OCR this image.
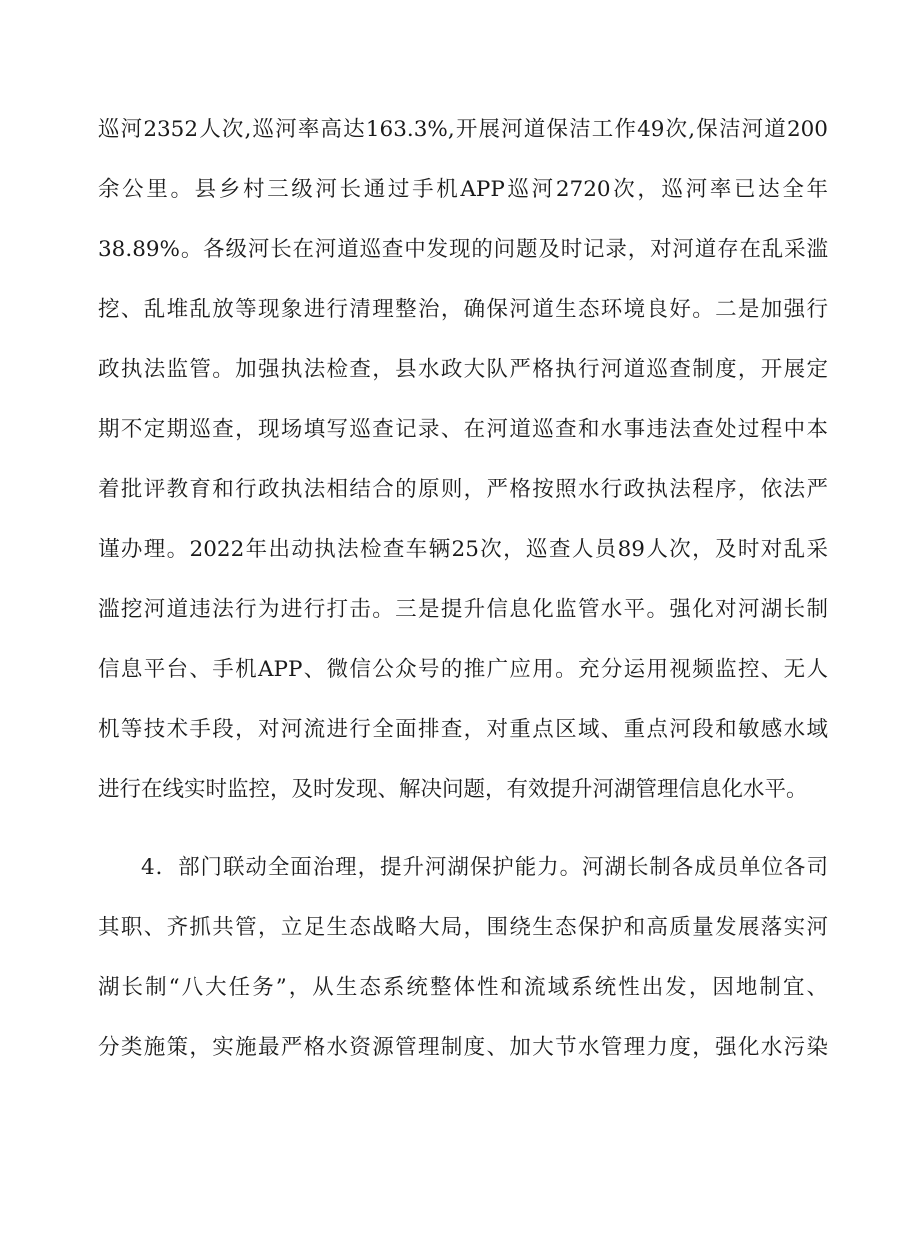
巡河2352人次,巡河率高达163.3%,开展河道保洁工作49次,保洁河道200
余公里。县乡村三级河长通过手机APP巡河2720次，巡河率已达全年
38.89%。各级河长在河道巡查中发现的问题及时记录，对河道存在乱采滥
挖、乱堆乱放等现象进行清理整治，确保河道生态环境良好。二是加强行
政执法监管。加强执法检查，县水政大队严格执行河道巡查制度，开展定
期不定期巡查，现场填写巡查记录、在河道巡查和水事违法查处过程中本
着批评教育和行政执法相结合的原则，严格按照水行政执法程序，依法严
谨办理。2022年出动执法检查车辆25次，巡查人员89人次，及时对乱采
滥挖河道违法行为进行打击。三是提升信息化监管水平。强化对河湖长制
信息平台、手机APP、微信公众号的推广应用。充分运用视频监控、无人
机等技术手段，对河流进行全面排查，对重点区域、重点河段和敏感水域
进行在线实时监控，及时发现、解决问题，有效提升河湖管理信息化水平。
4．部门联动全面治理，提升河湖保护能力。河湖长制各成员单位各司
其职、齐抓共管，立足生态战略大局，围绕生态保护和高质量发展落实河
湖长制“八大任务”，从生态系统整体性和流域系统性出发，因地制宜、
分类施策，实施最严格水资源管理制度、加大节水管理力度，强化水污染
